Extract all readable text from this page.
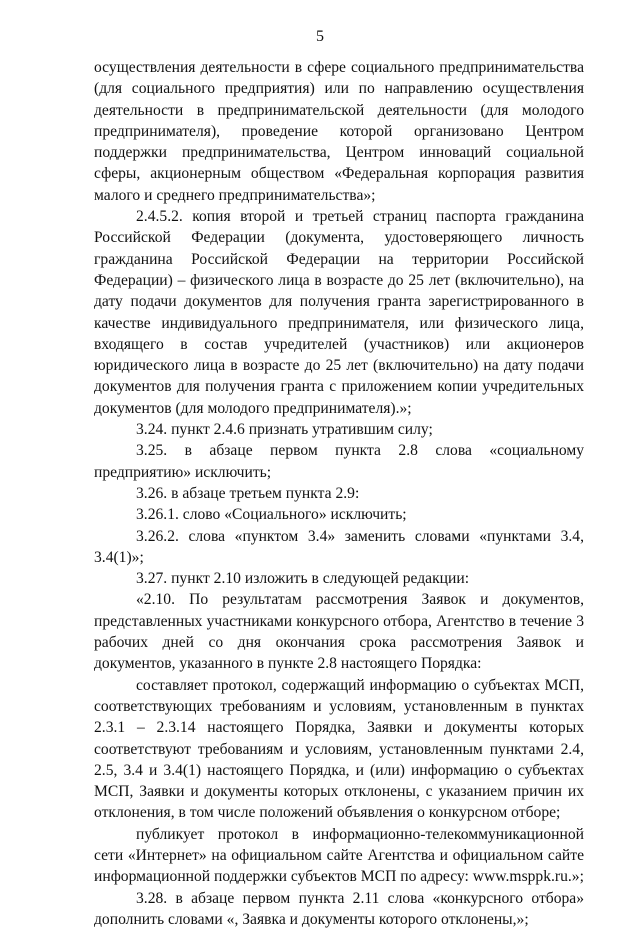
5

осуществления деятельности в сфере социального предпринимательства (для социального предприятия) или по направлению осуществления деятельности в предпринимательской деятельности (для молодого предпринимателя), проведение которой организовано Центром поддержки предпринимательства, Центром инноваций социальной сферы, акционерным обществом «Федеральная корпорация развития малого и среднего предпринимательства»;

2.4.5.2. копия второй и третьей страниц паспорта гражданина Российской Федерации (документа, удостоверяющего личность гражданина Российской Федерации на территории Российской Федерации) – физического лица в возрасте до 25 лет (включительно), на дату подачи документов для получения гранта зарегистрированного в качестве индивидуального предпринимателя, или физического лица, входящего в состав учредителей (участников) или акционеров юридического лица в возрасте до 25 лет (включительно) на дату подачи документов для получения гранта с приложением копии учредительных документов (для молодого предпринимателя).»;

3.24. пункт 2.4.6 признать утратившим силу;

3.25. в абзаце первом пункта 2.8 слова «социальному предприятию» исключить;

3.26. в абзаце третьем пункта 2.9:

3.26.1. слово «Социального» исключить;

3.26.2. слова «пунктом 3.4» заменить словами «пунктами 3.4, 3.4(1)»;

3.27. пункт 2.10 изложить в следующей редакции:

«2.10. По результатам рассмотрения Заявок и документов, представленных участниками конкурсного отбора, Агентство в течение 3 рабочих дней со дня окончания срока рассмотрения Заявок и документов, указанного в пункте 2.8 настоящего Порядка:

составляет протокол, содержащий информацию о субъектах МСП, соответствующих требованиям и условиям, установленным в пунктах 2.3.1 – 2.3.14 настоящего Порядка, Заявки и документы которых соответствуют требованиям и условиям, установленным пунктами 2.4, 2.5, 3.4 и 3.4(1) настоящего Порядка, и (или) информацию о субъектах МСП, Заявки и документы которых отклонены, с указанием причин их отклонения, в том числе положений объявления о конкурсном отборе;

публикует протокол в информационно-телекоммуникационной сети «Интернет» на официальном сайте Агентства и официальном сайте информационной поддержки субъектов МСП по адресу: www.msppk.ru.»;

3.28. в абзаце первом пункта 2.11 слова «конкурсного отбора» дополнить словами «, Заявка и документы которого отклонены,»;
